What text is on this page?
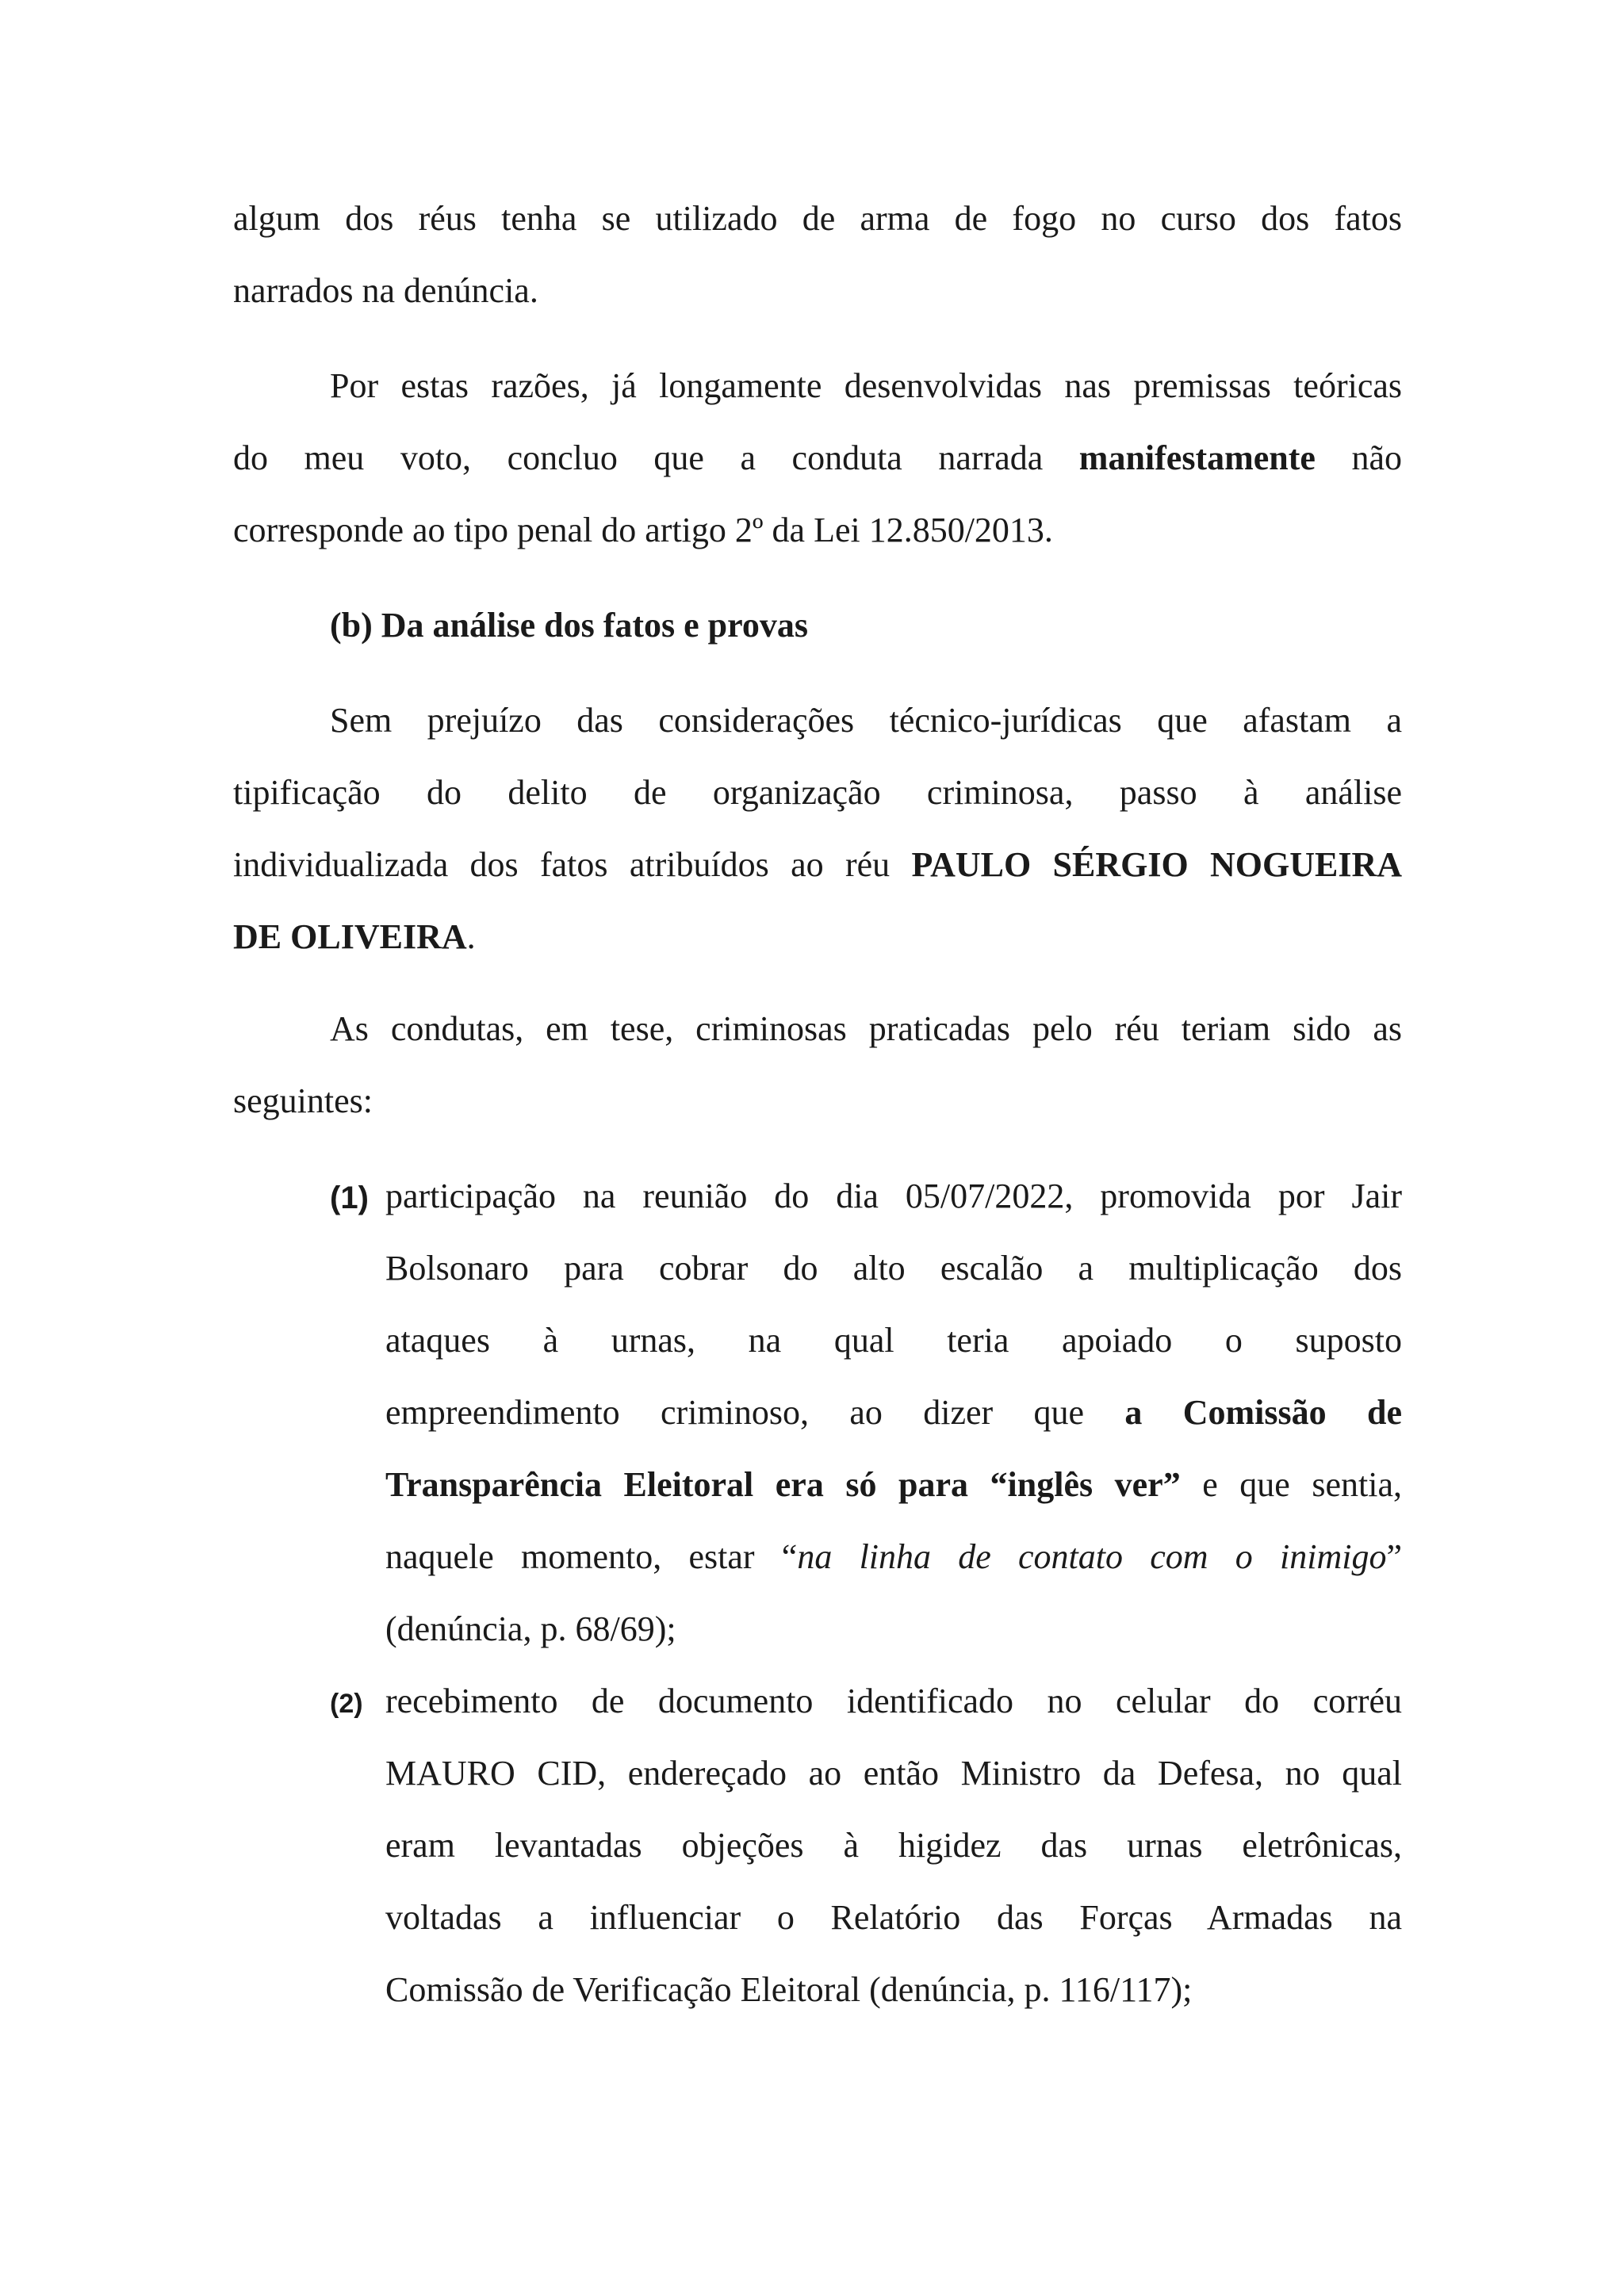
algum dos réus tenha se utilizado de arma de fogo no curso dos fatos
narrados na denúncia.
Por estas razões, já longamente desenvolvidas nas premissas teóricas
do meu voto, concluo que a conduta narrada manifestamente não
corresponde ao tipo penal do artigo 2º da Lei 12.850/2013.
(b) Da análise dos fatos e provas
Sem prejuízo das considerações técnico-jurídicas que afastam a
tipificação do delito de organização criminosa, passo à análise
individualizada dos fatos atribuídos ao réu PAULO SÉRGIO NOGUEIRA
DE OLIVEIRA.
As condutas, em tese, criminosas praticadas pelo réu teriam sido as
seguintes:
(1) participação na reunião do dia 05/07/2022, promovida por Jair
Bolsonaro para cobrar do alto escalão a multiplicação dos
ataques à urnas, na qual teria apoiado o suposto
empreendimento criminoso, ao dizer que a Comissão de
Transparência Eleitoral era só para “inglês ver” e que sentia,
naquele momento, estar “na linha de contato com o inimigo”
(denúncia, p. 68/69);
(2) recebimento de documento identificado no celular do corréu
MAURO CID, endereçado ao então Ministro da Defesa, no qual
eram levantadas objeções à higidez das urnas eletrônicas,
voltadas a influenciar o Relatório das Forças Armadas na
Comissão de Verificação Eleitoral (denúncia, p. 116/117);
